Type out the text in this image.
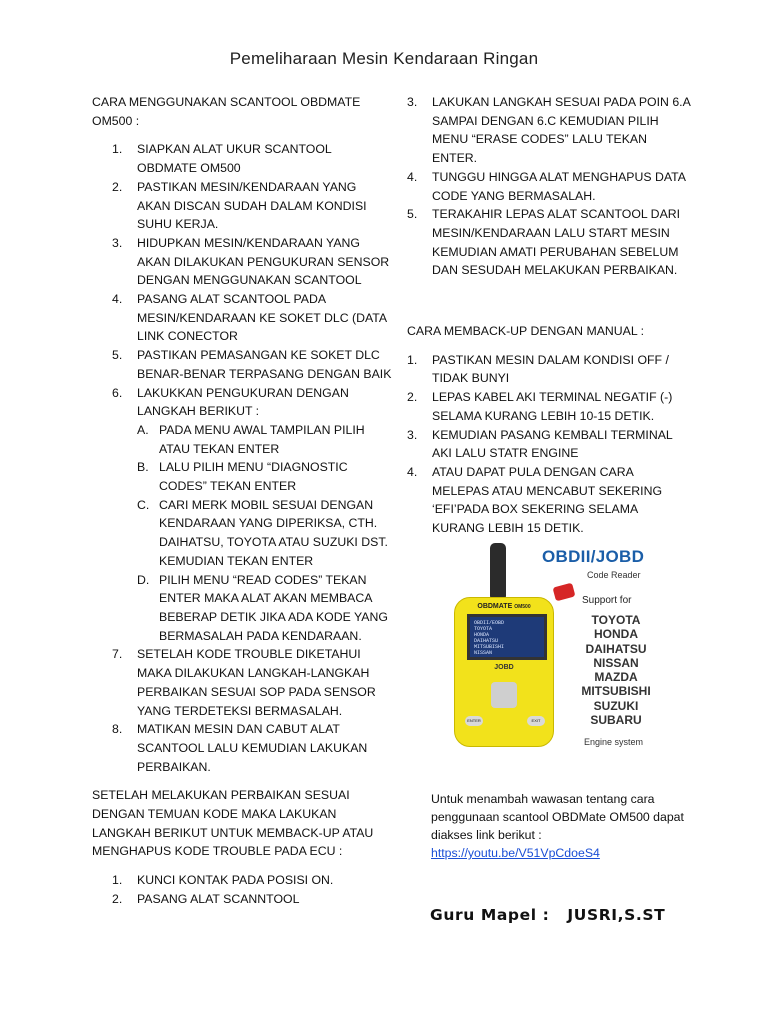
Pemeliharaan Mesin Kendaraan Ringan

CARA MENGGUNAKAN SCANTOOL OBDMATE OM500 :

1. SIAPKAN ALAT UKUR SCANTOOL OBDMATE OM500
2. PASTIKAN MESIN/KENDARAAN YANG AKAN DISCAN SUDAH DALAM KONDISI SUHU KERJA.
3. HIDUPKAN MESIN/KENDARAAN YANG AKAN DILAKUKAN PENGUKURAN SENSOR DENGAN MENGGUNAKAN SCANTOOL
4. PASANG ALAT SCANTOOL PADA MESIN/KENDARAAN KE SOKET DLC (DATA LINK CONECTOR
5. PASTIKAN PEMASANGAN KE SOKET DLC BENAR-BENAR TERPASANG DENGAN BAIK
6. LAKUKKAN PENGUKURAN DENGAN LANGKAH BERIKUT :
A. PADA MENU AWAL TAMPILAN PILIH ATAU TEKAN ENTER
B. LALU PILIH MENU “DIAGNOSTIC CODES” TEKAN ENTER
C. CARI MERK MOBIL SESUAI DENGAN KENDARAAN YANG DIPERIKSA, CTH. DAIHATSU, TOYOTA ATAU SUZUKI DST. KEMUDIAN TEKAN ENTER
D. PILIH MENU “READ CODES” TEKAN ENTER MAKA ALAT AKAN MEMBACA BEBERAP DETIK JIKA ADA KODE YANG BERMASALAH PADA KENDARAAN.
7. SETELAH KODE TROUBLE DIKETAHUI MAKA DILAKUKAN LANGKAH-LANGKAH PERBAIKAN SESUAI SOP PADA SENSOR YANG TERDETEKSI BERMASALAH.
8. MATIKAN MESIN DAN CABUT ALAT SCANTOOL LALU KEMUDIAN LAKUKAN PERBAIKAN.

SETELAH MELAKUKAN PERBAIKAN SESUAI DENGAN TEMUAN KODE MAKA LAKUKAN LANGKAH BERIKUT UNTUK MEMBACK-UP ATAU MENGHAPUS KODE TROUBLE PADA ECU :

1. KUNCI KONTAK PADA POSISI ON.
2. PASANG ALAT SCANNTOOL
3. LAKUKAN LANGKAH SESUAI PADA POIN 6.A SAMPAI DENGAN 6.C KEMUDIAN PILIH MENU “ERASE CODES” LALU TEKAN ENTER.
4. TUNGGU HINGGA ALAT MENGHAPUS DATA CODE YANG BERMASALAH.
5. TERAKAHIR LEPAS ALAT SCANTOOL DARI MESIN/KENDARAAN LALU START MESIN KEMUDIAN AMATI PERUBAHAN SEBELUM DAN SESUDAH MELAKUKAN PERBAIKAN.

CARA MEMBACK-UP DENGAN MANUAL :

1. PASTIKAN MESIN DALAM KONDISI OFF / TIDAK BUNYI
2. LEPAS KABEL AKI TERMINAL NEGATIF (-) SELAMA KURANG LEBIH 10-15 DETIK.
3. KEMUDIAN PASANG KEMBALI TERMINAL AKI LALU STATR ENGINE
4. ATAU DAPAT PULA DENGAN CARA MELEPAS ATAU MENCABUT SEKERING ‘EFI’PADA BOX SEKERING SELAMA KURANG LEBIH 15 DETIK.
OBDMATE OM500
OBDII/EOBD
TOYOTA
HONDA
DAIHATSU
MITSUBISHI
NISSAN
JOBD
ENTER	EXIT
OBDII/JOBD
Code Reader
Support for
TOYOTA
HONDA
DAIHATSU
NISSAN
MAZDA
MITSUBISHI
SUZUKI
SUBARU
Engine system
Untuk menambah wawasan tentang cara penggunaan scantool OBDMate OM500 dapat diakses link berikut :
https://youtu.be/V51VpCdoeS4
Guru Mapel :   JUSRI,S.ST
